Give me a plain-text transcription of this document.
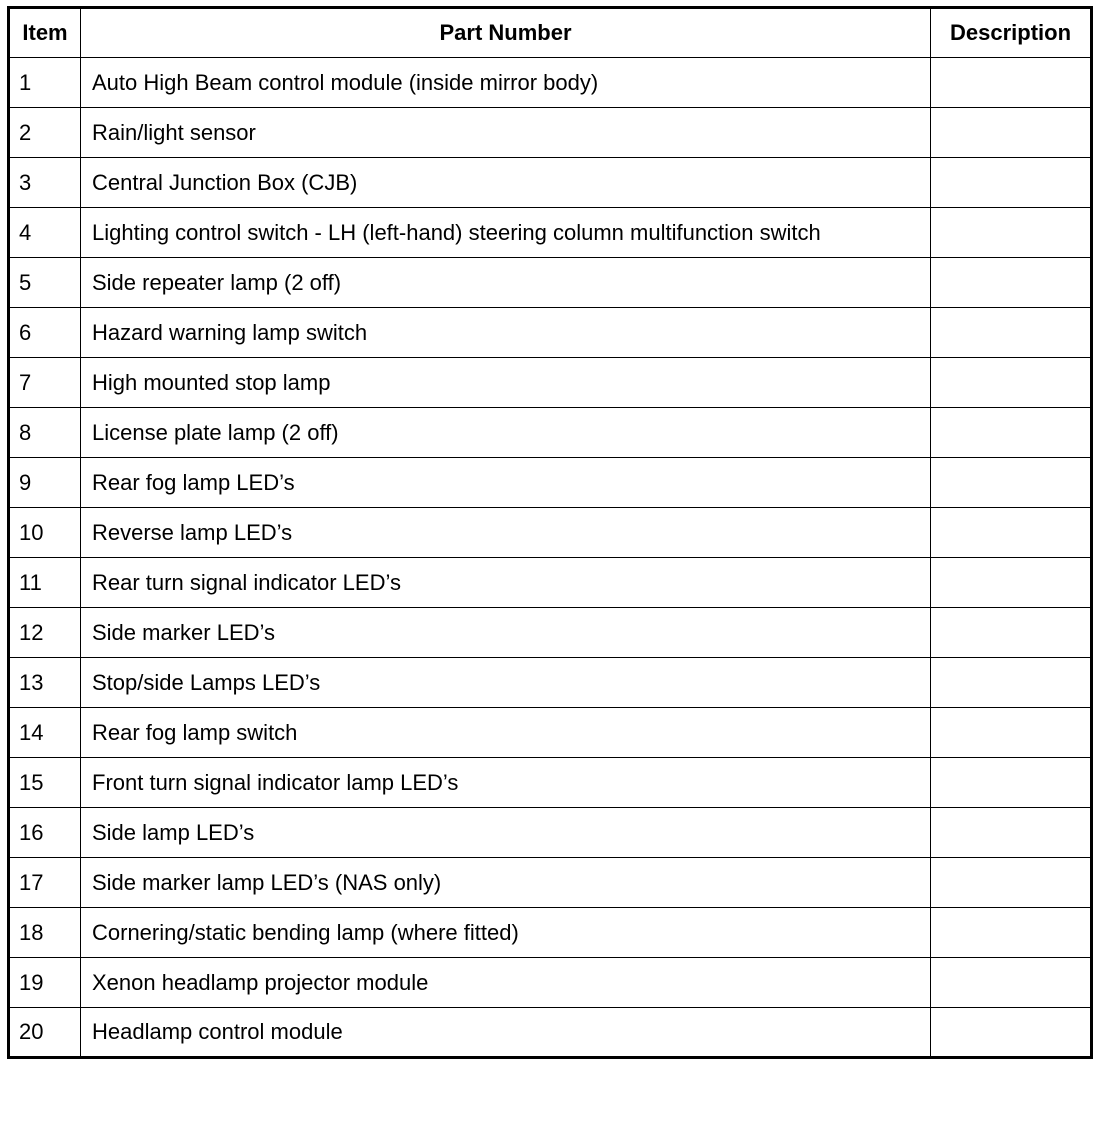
Item	Part Number	Description
1	Auto High Beam control module (inside mirror body)	
2	Rain/light sensor	
3	Central Junction Box (CJB)	
4	Lighting control switch - LH (left-hand) steering column multifunction switch	
5	Side repeater lamp (2 off)	
6	Hazard warning lamp switch	
7	High mounted stop lamp	
8	License plate lamp (2 off)	
9	Rear fog lamp LED’s	
10	Reverse lamp LED’s	
11	Rear turn signal indicator LED’s	
12	Side marker LED’s	
13	Stop/side Lamps LED’s	
14	Rear fog lamp switch	
15	Front turn signal indicator lamp LED’s	
16	Side lamp LED’s	
17	Side marker lamp LED’s (NAS only)	
18	Cornering/static bending lamp (where fitted)	
19	Xenon headlamp projector module	
20	Headlamp control module	
